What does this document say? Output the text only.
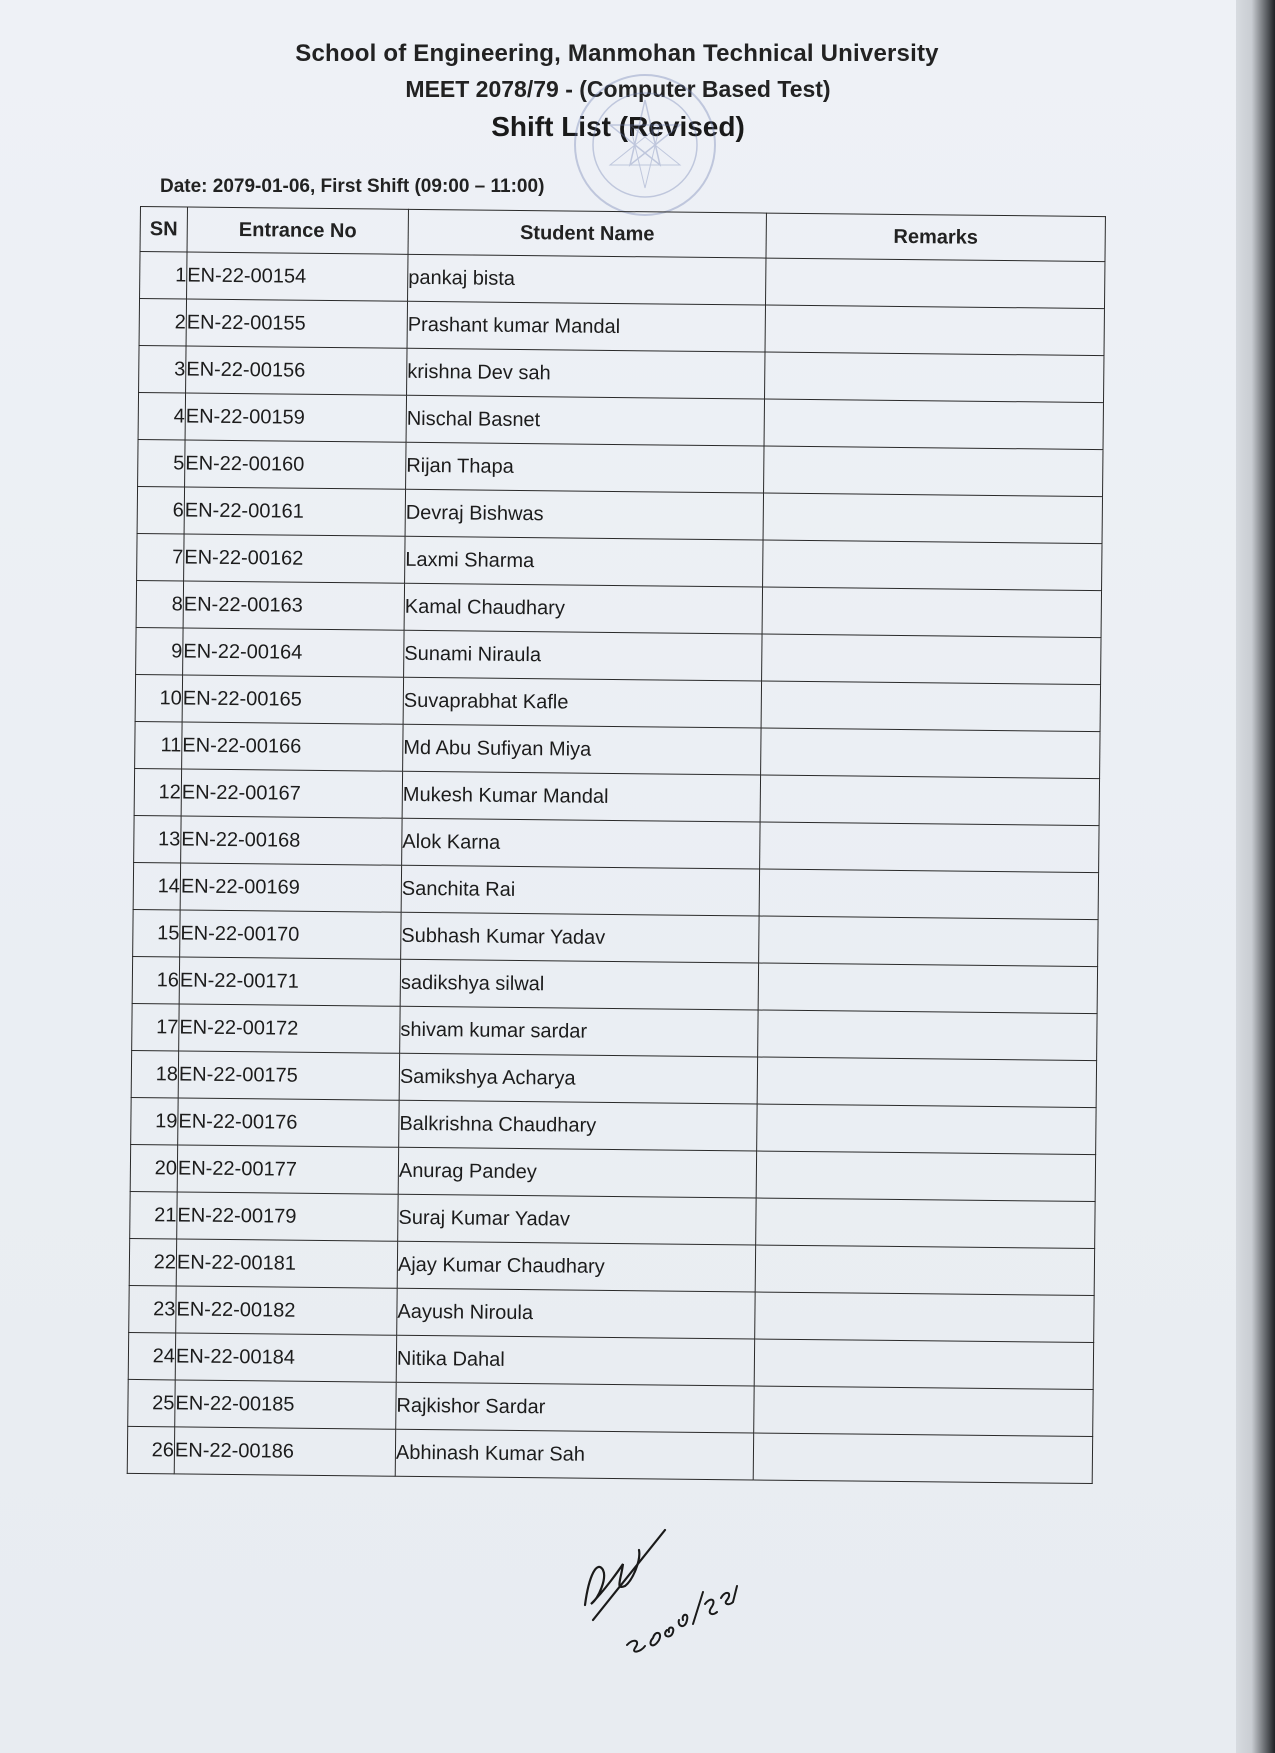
School of Engineering, Manmohan Technical University
MEET 2078/79 - (Computer Based Test)
Shift List (Revised)
Date: 2079-01-06, First Shift (09:00 – 11:00)
SN	Entrance No	Student Name	Remarks
1	EN-22-00154	pankaj bista	
2	EN-22-00155	Prashant kumar Mandal	
3	EN-22-00156	krishna Dev sah	
4	EN-22-00159	Nischal Basnet	
5	EN-22-00160	Rijan Thapa	
6	EN-22-00161	Devraj Bishwas	
7	EN-22-00162	Laxmi Sharma	
8	EN-22-00163	Kamal Chaudhary	
9	EN-22-00164	Sunami Niraula	
10	EN-22-00165	Suvaprabhat Kafle	
11	EN-22-00166	Md Abu Sufiyan Miya	
12	EN-22-00167	Mukesh Kumar Mandal	
13	EN-22-00168	Alok Karna	
14	EN-22-00169	Sanchita Rai	
15	EN-22-00170	Subhash Kumar Yadav	
16	EN-22-00171	sadikshya silwal	
17	EN-22-00172	shivam kumar sardar	
18	EN-22-00175	Samikshya Acharya	
19	EN-22-00176	Balkrishna Chaudhary	
20	EN-22-00177	Anurag Pandey	
21	EN-22-00179	Suraj Kumar Yadav	
22	EN-22-00181	Ajay Kumar Chaudhary	
23	EN-22-00182	Aayush Niroula	
24	EN-22-00184	Nitika Dahal	
25	EN-22-00185	Rajkishor Sardar	
26	EN-22-00186	Abhinash Kumar Sah	
